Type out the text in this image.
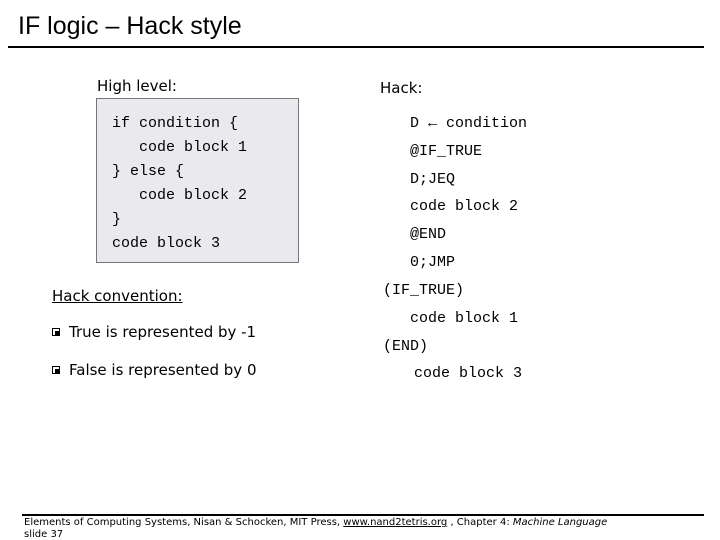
IF logic – Hack style
High level:
if condition {
code block 1
} else {
code block 2
}
code block 3
Hack:
D ← condition
@IF_TRUE
D;JEQ
code block 2
@END
0;JMP
(IF_TRUE)
code block 1
(END)
code block 3
Hack convention:
True is represented by -1
False is represented by 0
Elements of Computing Systems, Nisan & Schocken, MIT Press, www.nand2tetris.org , Chapter 4: Machine Language
slide 37
